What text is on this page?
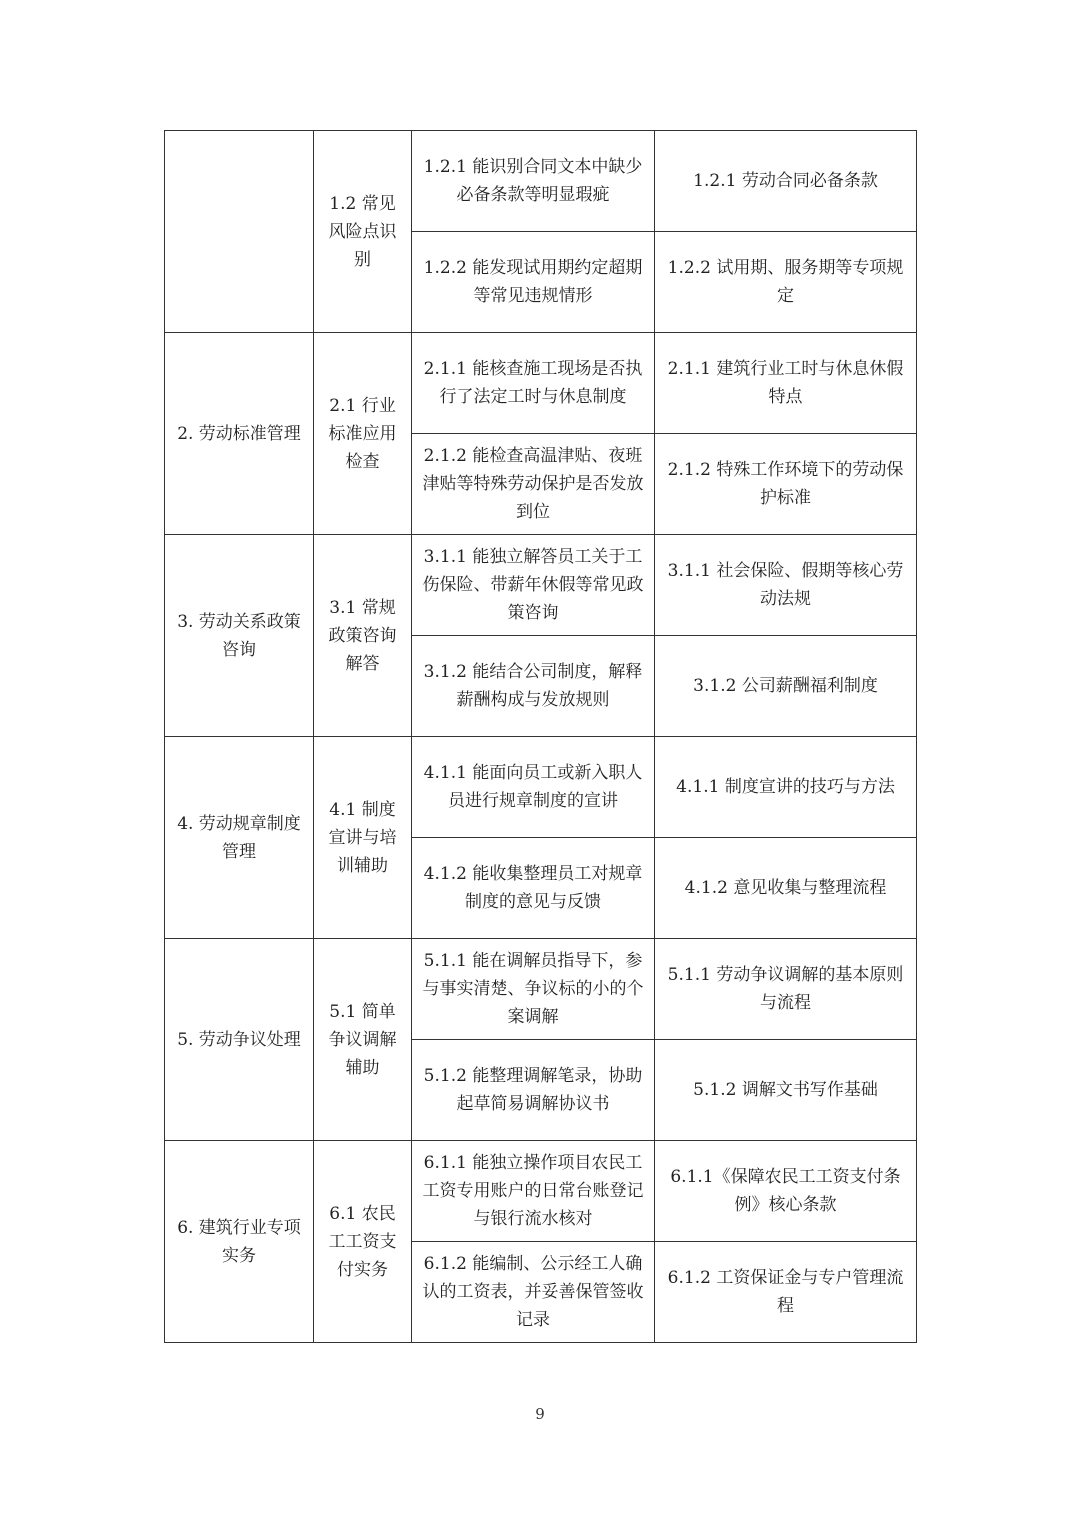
	1.2 常见风险点识别	1.2.1 能识别合同文本中缺少必备条款等明显瑕疵	1.2.1 劳动合同必备条款
		1.2.2 能发现试用期约定超期等常见违规情形	1.2.2 试用期、服务期等专项规定
2. 劳动标准管理	2.1 行业标准应用检查	2.1.1 能核查施工现场是否执行了法定工时与休息制度	2.1.1 建筑行业工时与休息休假特点
		2.1.2 能检查高温津贴、夜班津贴等特殊劳动保护是否发放到位	2.1.2 特殊工作环境下的劳动保护标准
3. 劳动关系政策咨询	3.1 常规政策咨询解答	3.1.1 能独立解答员工关于工伤保险、带薪年休假等常见政策咨询	3.1.1 社会保险、假期等核心劳动法规
		3.1.2 能结合公司制度，解释薪酬构成与发放规则	3.1.2 公司薪酬福利制度
4. 劳动规章制度管理	4.1 制度宣讲与培训辅助	4.1.1 能面向员工或新入职人员进行规章制度的宣讲	4.1.1 制度宣讲的技巧与方法
		4.1.2 能收集整理员工对规章制度的意见与反馈	4.1.2 意见收集与整理流程
5. 劳动争议处理	5.1 简单争议调解辅助	5.1.1 能在调解员指导下，参与事实清楚、争议标的小的个案调解	5.1.1 劳动争议调解的基本原则与流程
		5.1.2 能整理调解笔录，协助起草简易调解协议书	5.1.2 调解文书写作基础
6. 建筑行业专项实务	6.1 农民工工资支付实务	6.1.1 能独立操作项目农民工工资专用账户的日常台账登记与银行流水核对	6.1.1《保障农民工工资支付条例》核心条款
		6.1.2 能编制、公示经工人确认的工资表，并妥善保管签收记录	6.1.2 工资保证金与专户管理流程
9
